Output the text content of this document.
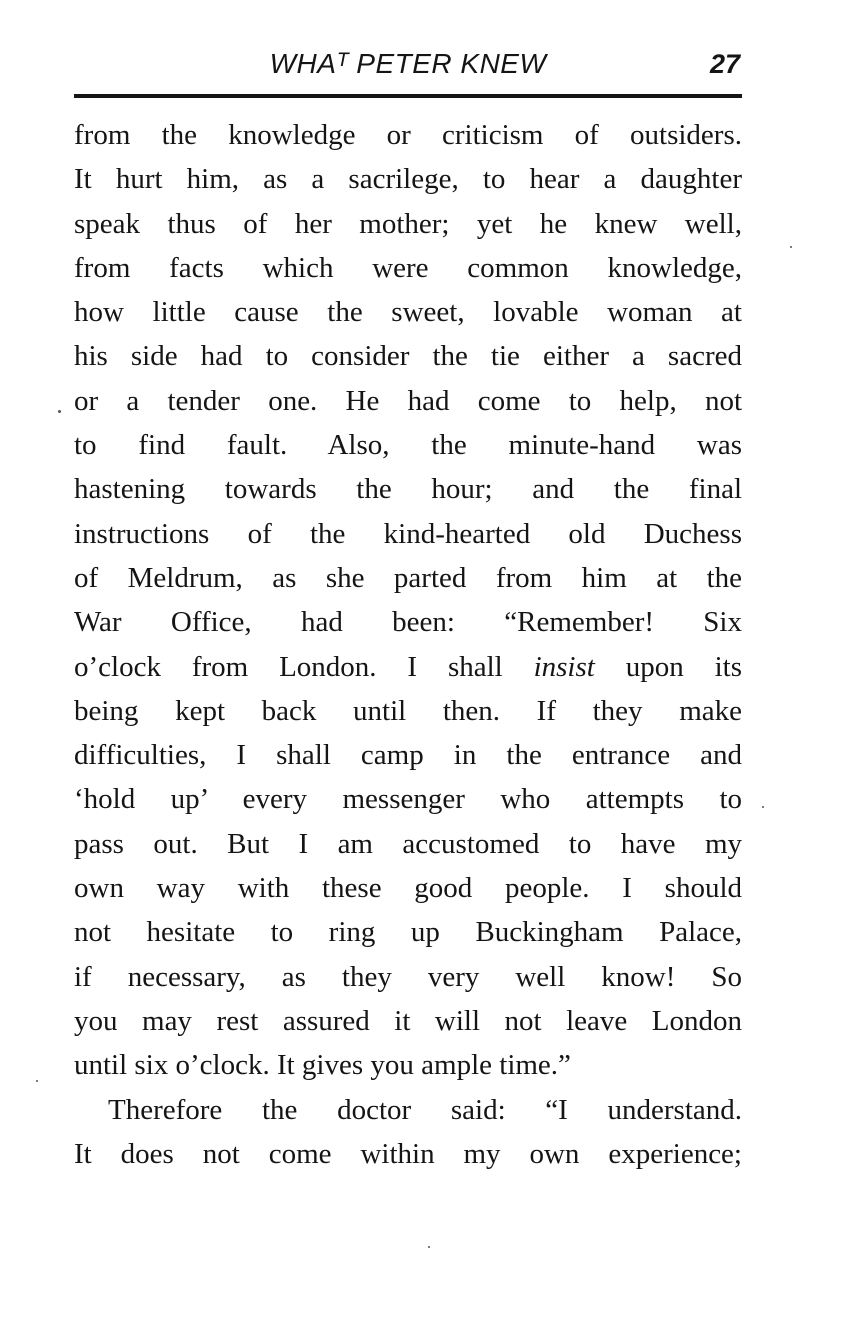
WHAᵀ PETER KNEW	27
from the knowledge or criticism of outsiders.
It hurt him, as a sacrilege, to hear a daughter
speak thus of her mother; yet he knew well,
from facts which were common knowledge,
how little cause the sweet, lovable woman at
his side had to consider the tie either a sacred
or a tender one. He had come to help, not
to find fault. Also, the minute-hand was
hastening towards the hour; and the final
instructions of the kind-hearted old Duchess
of Meldrum, as she parted from him at the
War Office, had been: “Remember! Six
o’clock from London. I shall insist upon its
being kept back until then. If they make
difficulties, I shall camp in the entrance and
‘hold up’ every messenger who attempts to
pass out. But I am accustomed to have my
own way with these good people. I should
not hesitate to ring up Buckingham Palace,
if necessary, as they very well know! So
you may rest assured it will not leave London
until six o’clock. It gives you ample time.”
Therefore the doctor said: “I understand.
It does not come within my own experience;
